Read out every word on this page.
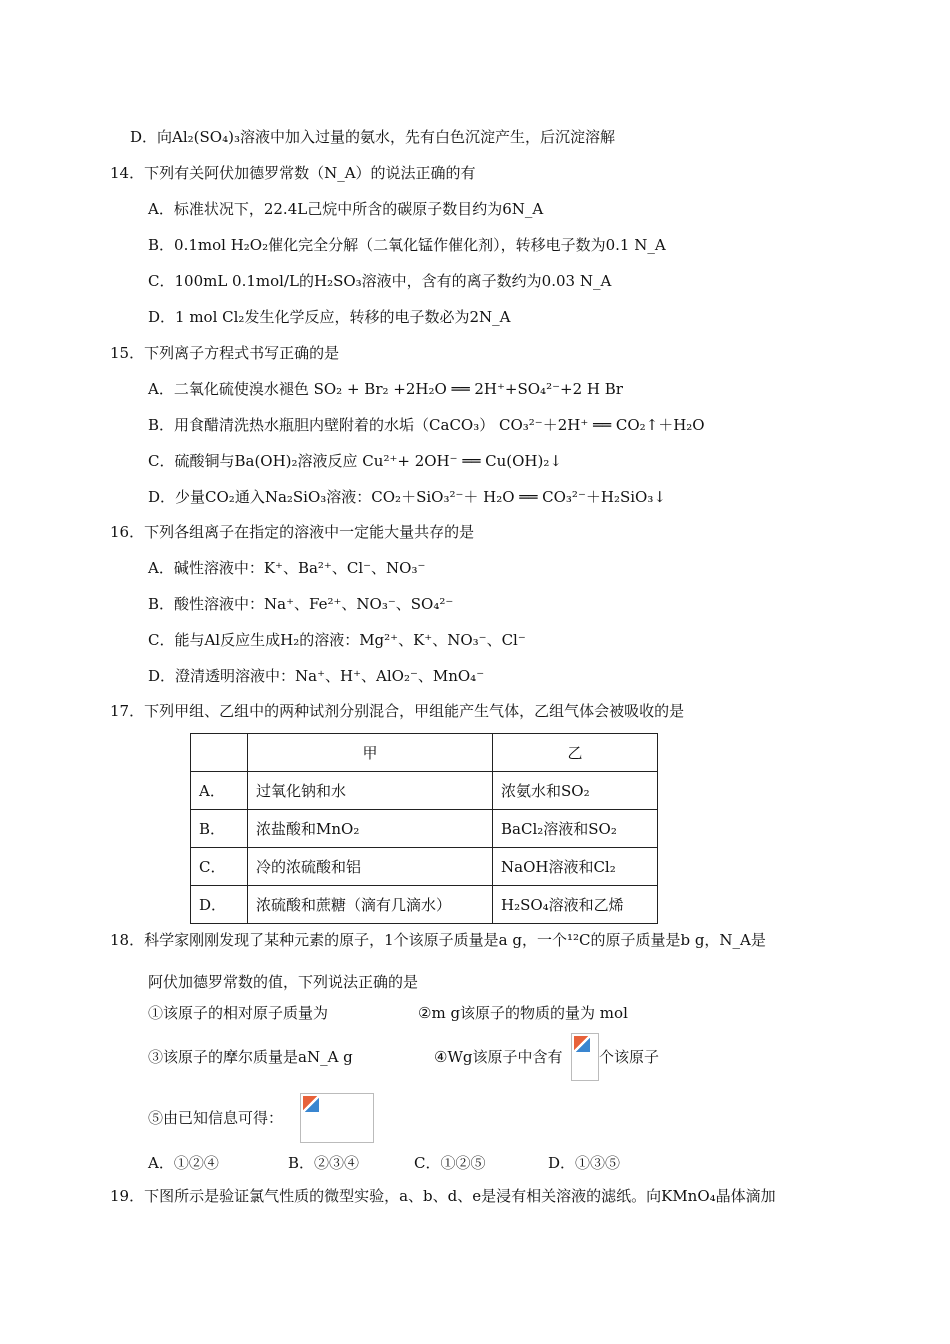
D．向Al₂(SO₄)₃溶液中加入过量的氨水，先有白色沉淀产生，后沉淀溶解
14．下列有关阿伏加德罗常数（N_A）的说法正确的有
A．标准状况下，22.4L己烷中所含的碳原子数目约为6N_A
B．0.1mol H₂O₂催化完全分解（二氧化锰作催化剂），转移电子数为0.1 N_A
C．100mL 0.1mol/L的H₂SO₃溶液中，含有的离子数约为0.03 N_A
D．1 mol Cl₂发生化学反应，转移的电子数必为2N_A
15．下列离子方程式书写正确的是
A．二氧化硫使溴水褪色 SO₂ + Br₂ +2H₂O ══ 2H⁺+SO₄²⁻+2 H Br
B．用食醋清洗热水瓶胆内壁附着的水垢（CaCO₃） CO₃²⁻＋2H⁺ ══ CO₂↑＋H₂O
C．硫酸铜与Ba(OH)₂溶液反应 Cu²⁺+ 2OH⁻ ══ Cu(OH)₂↓
D．少量CO₂通入Na₂SiO₃溶液：CO₂＋SiO₃²⁻＋ H₂O ══ CO₃²⁻＋H₂SiO₃↓
16．下列各组离子在指定的溶液中一定能大量共存的是
A．碱性溶液中：K⁺、Ba²⁺、Cl⁻、NO₃⁻
B．酸性溶液中：Na⁺、Fe²⁺、NO₃⁻、SO₄²⁻
C．能与Al反应生成H₂的溶液：Mg²⁺、K⁺、NO₃⁻、Cl⁻
D．澄清透明溶液中：Na⁺、H⁺、AlO₂⁻、MnO₄⁻
17．下列甲组、乙组中的两种试剂分别混合，甲组能产生气体，乙组气体会被吸收的是
	甲	乙
A．	过氧化钠和水	浓氨水和SO₂
B．	浓盐酸和MnO₂	BaCl₂溶液和SO₂
C．	冷的浓硫酸和铝	NaOH溶液和Cl₂
D．	浓硫酸和蔗糖（滴有几滴水）	H₂SO₄溶液和乙烯
18．科学家刚刚发现了某种元素的原子，1个该原子质量是a g，一个¹²C的原子质量是b g，N_A是
阿伏加德罗常数的值，下列说法正确的是
①该原子的相对原子质量为	②m g该原子的物质的量为 mol
③该原子的摩尔质量是aN_A g	④Wg该原子中含有 个该原子
⑤由已知信息可得：
A．①②④	B．②③④	C．①②⑤	D．①③⑤
19．下图所示是验证氯气性质的微型实验，a、b、d、e是浸有相关溶液的滤纸。向KMnO₄晶体滴加
